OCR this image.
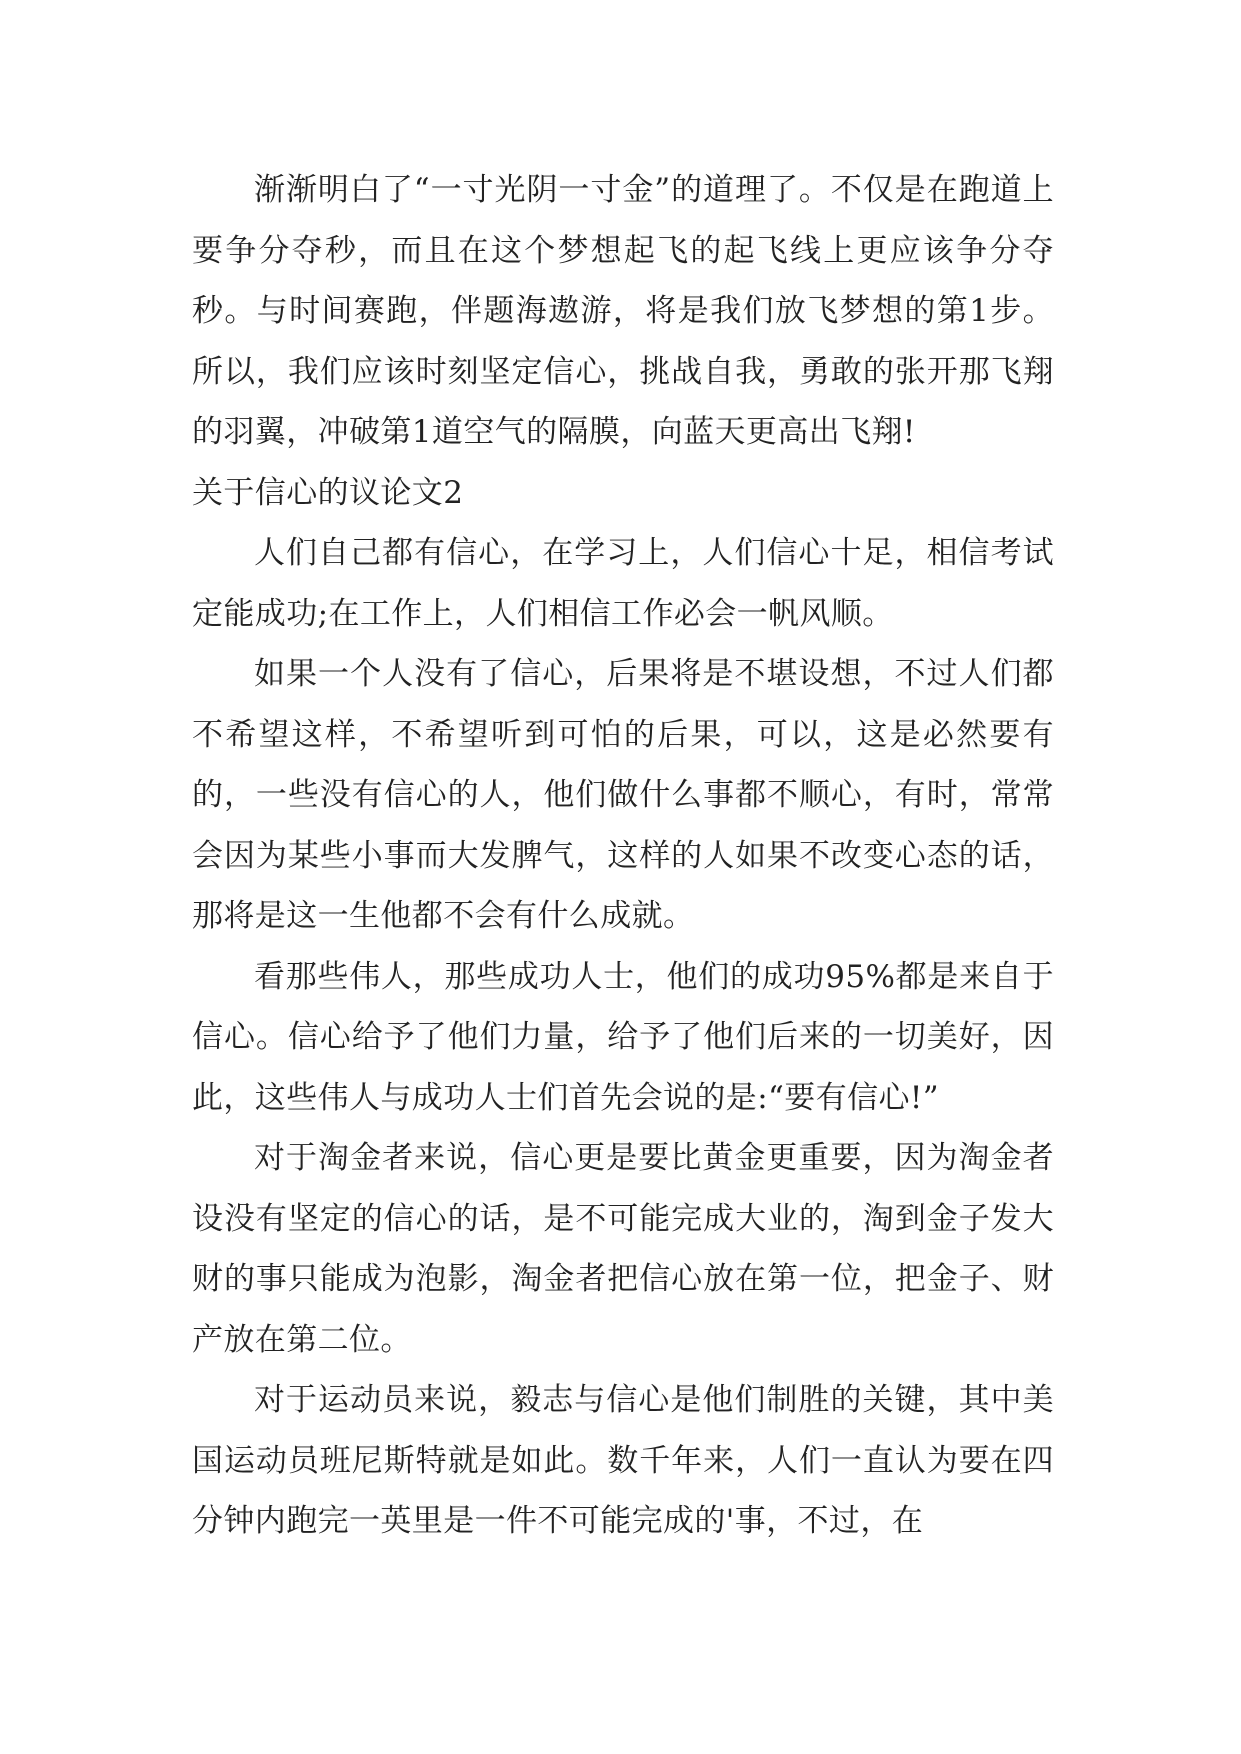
渐渐明白了“一寸光阴一寸金”的道理了。不仅是在跑道上要争分夺秒，而且在这个梦想起飞的起飞线上更应该争分夺秒。与时间赛跑，伴题海遨游，将是我们放飞梦想的第1步。所以，我们应该时刻坚定信心，挑战自我，勇敢的张开那飞翔的羽翼，冲破第1道空气的隔膜，向蓝天更高出飞翔!

关于信心的议论文2

人们自己都有信心，在学习上，人们信心十足，相信考试定能成功;在工作上，人们相信工作必会一帆风顺。

如果一个人没有了信心，后果将是不堪设想，不过人们都不希望这样，不希望听到可怕的后果，可以，这是必然要有的，一些没有信心的人，他们做什么事都不顺心，有时，常常会因为某些小事而大发脾气，这样的人如果不改变心态的话，那将是这一生他都不会有什么成就。

看那些伟人，那些成功人士，他们的成功95%都是来自于信心。信心给予了他们力量，给予了他们后来的一切美好，因此，这些伟人与成功人士们首先会说的是:“要有信心!”

对于淘金者来说，信心更是要比黄金更重要，因为淘金者设没有坚定的信心的话，是不可能完成大业的，淘到金子发大财的事只能成为泡影，淘金者把信心放在第一位，把金子、财产放在第二位。

对于运动员来说，毅志与信心是他们制胜的关键，其中美国运动员班尼斯特就是如此。数千年来，人们一直认为要在四分钟内跑完一英里是一件不可能完成的'事，不过，在
